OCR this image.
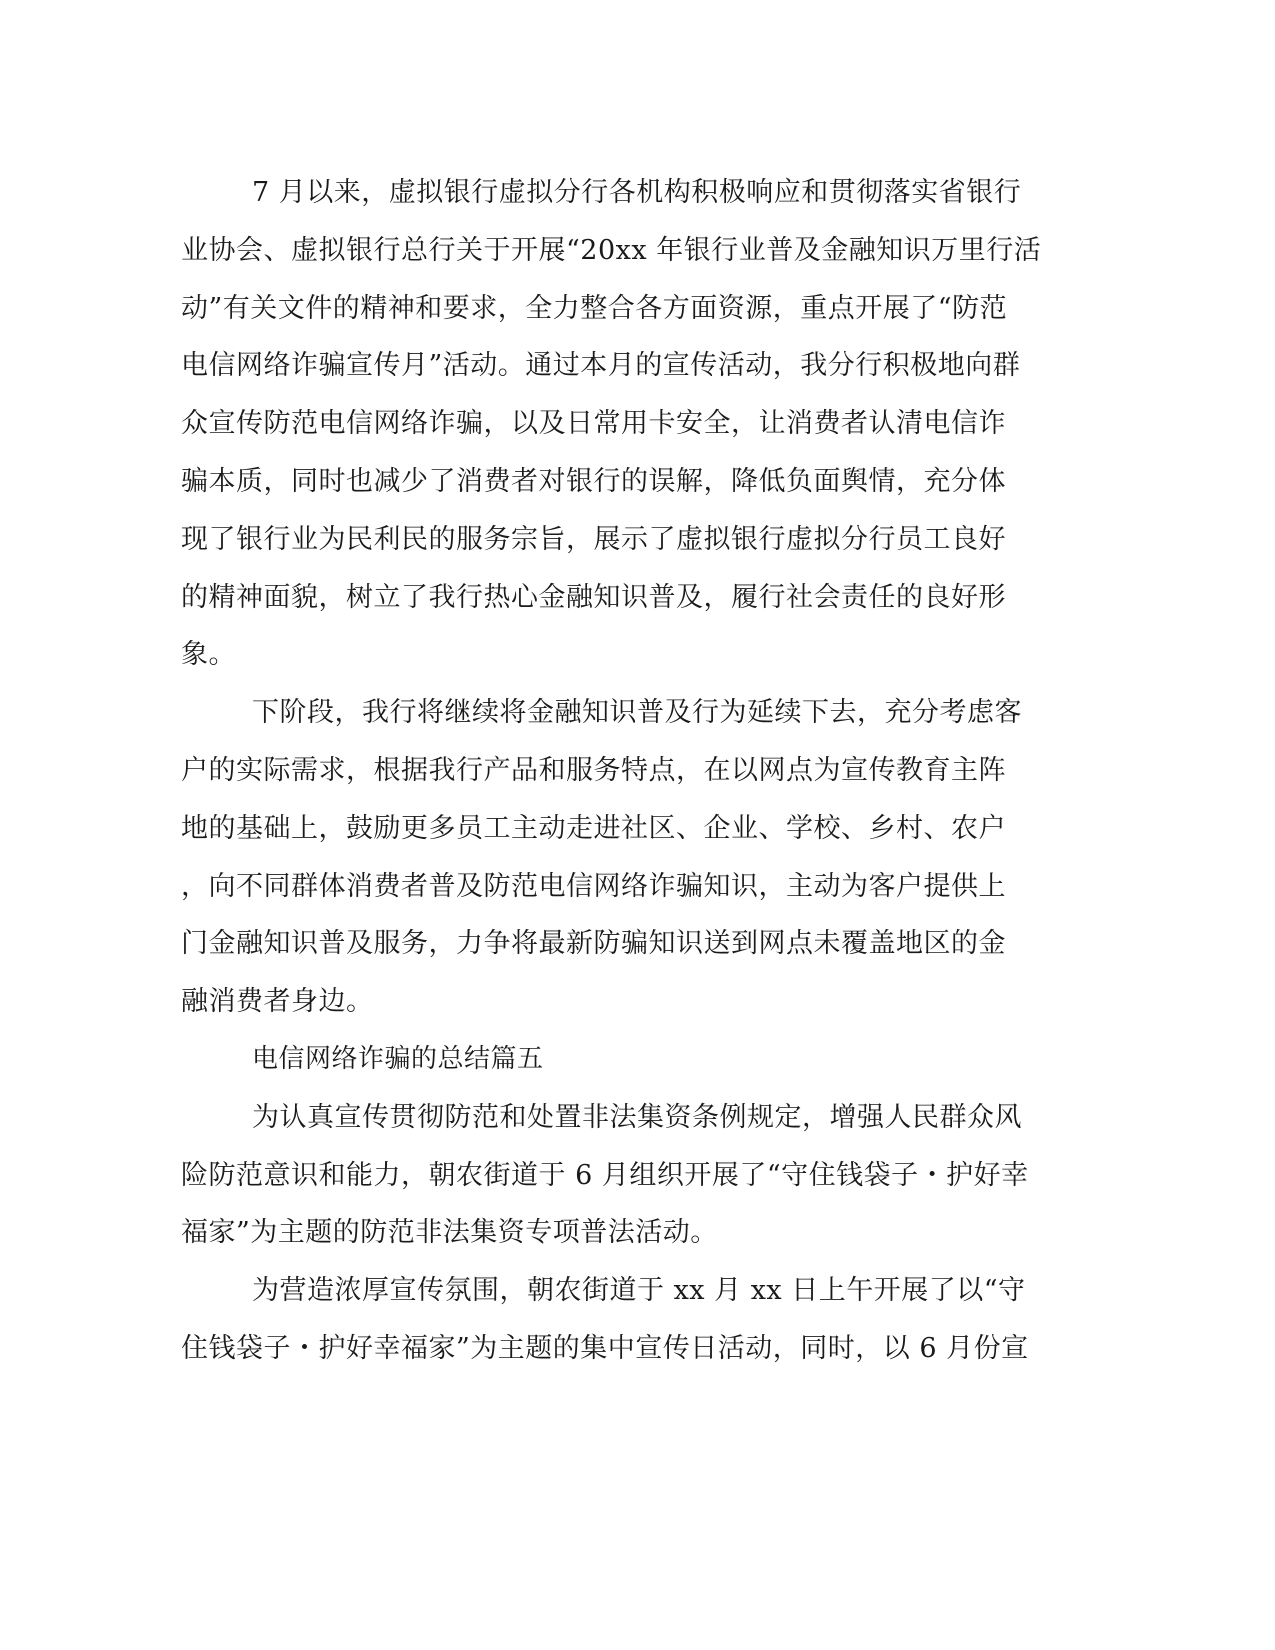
7 月以来，虚拟银行虚拟分行各机构积极响应和贯彻落实省银行
业协会、虚拟银行总行关于开展“20xx 年银行业普及金融知识万里行活
动”有关文件的精神和要求，全力整合各方面资源，重点开展了“防范
电信网络诈骗宣传月”活动。通过本月的宣传活动，我分行积极地向群
众宣传防范电信网络诈骗，以及日常用卡安全，让消费者认清电信诈
骗本质，同时也减少了消费者对银行的误解，降低负面舆情，充分体
现了银行业为民利民的服务宗旨，展示了虚拟银行虚拟分行员工良好
的精神面貌，树立了我行热心金融知识普及，履行社会责任的良好形
象。
下阶段，我行将继续将金融知识普及行为延续下去，充分考虑客
户的实际需求，根据我行产品和服务特点，在以网点为宣传教育主阵
地的基础上，鼓励更多员工主动走进社区、企业、学校、乡村、农户
，向不同群体消费者普及防范电信网络诈骗知识，主动为客户提供上
门金融知识普及服务，力争将最新防骗知识送到网点未覆盖地区的金
融消费者身边。
电信网络诈骗的总结篇五
为认真宣传贯彻防范和处置非法集资条例规定，增强人民群众风
险防范意识和能力，朝农街道于 6 月组织开展了“守住钱袋子・护好幸
福家”为主题的防范非法集资专项普法活动。
为营造浓厚宣传氛围，朝农街道于 xx 月 xx 日上午开展了以“守
住钱袋子・护好幸福家”为主题的集中宣传日活动，同时，以 6 月份宣
